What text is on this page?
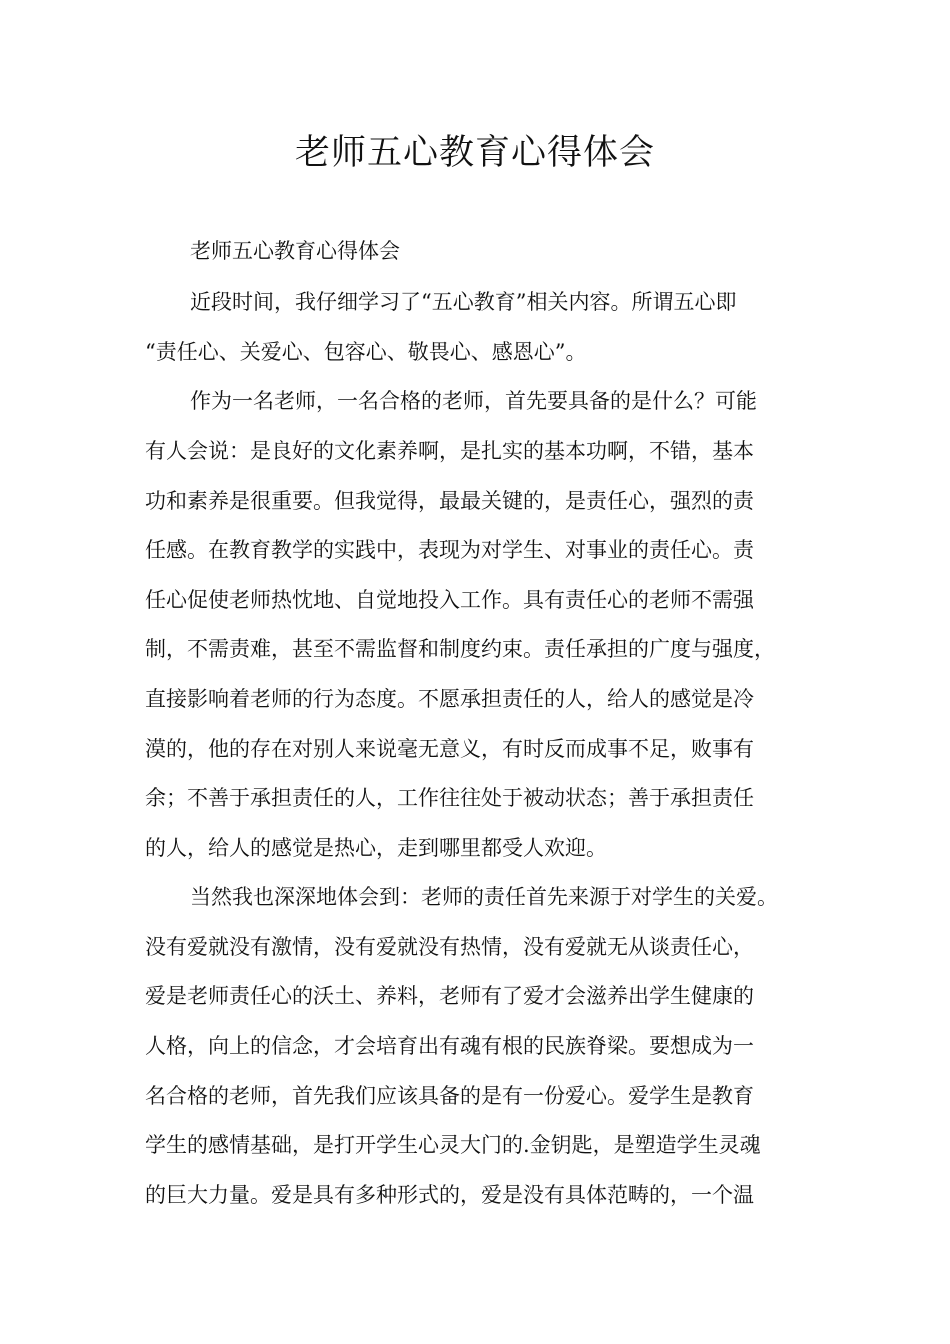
老师五心教育心得体会
老师五心教育心得体会
近段时间，我仔细学习了“五心教育”相关内容。所谓五心即
“责任心、关爱心、包容心、敬畏心、感恩心”。
作为一名老师，一名合格的老师，首先要具备的是什么？可能
有人会说：是良好的文化素养啊，是扎实的基本功啊，不错，基本
功和素养是很重要。但我觉得，最最关键的，是责任心，强烈的责
任感。在教育教学的实践中，表现为对学生、对事业的责任心。责
任心促使老师热忱地、自觉地投入工作。具有责任心的老师不需强
制，不需责难，甚至不需监督和制度约束。责任承担的广度与强度，
直接影响着老师的行为态度。不愿承担责任的人，给人的感觉是冷
漠的，他的存在对别人来说毫无意义，有时反而成事不足，败事有
余；不善于承担责任的人，工作往往处于被动状态；善于承担责任
的人，给人的感觉是热心，走到哪里都受人欢迎。
当然我也深深地体会到：老师的责任首先来源于对学生的关爱。
没有爱就没有激情，没有爱就没有热情，没有爱就无从谈责任心，
爱是老师责任心的沃土、养料，老师有了爱才会滋养出学生健康的
人格，向上的信念，才会培育出有魂有根的民族脊梁。要想成为一
名合格的老师，首先我们应该具备的是有一份爱心。爱学生是教育
学生的感情基础，是打开学生心灵大门的.金钥匙，是塑造学生灵魂
的巨大力量。爱是具有多种形式的，爱是没有具体范畴的，一个温
